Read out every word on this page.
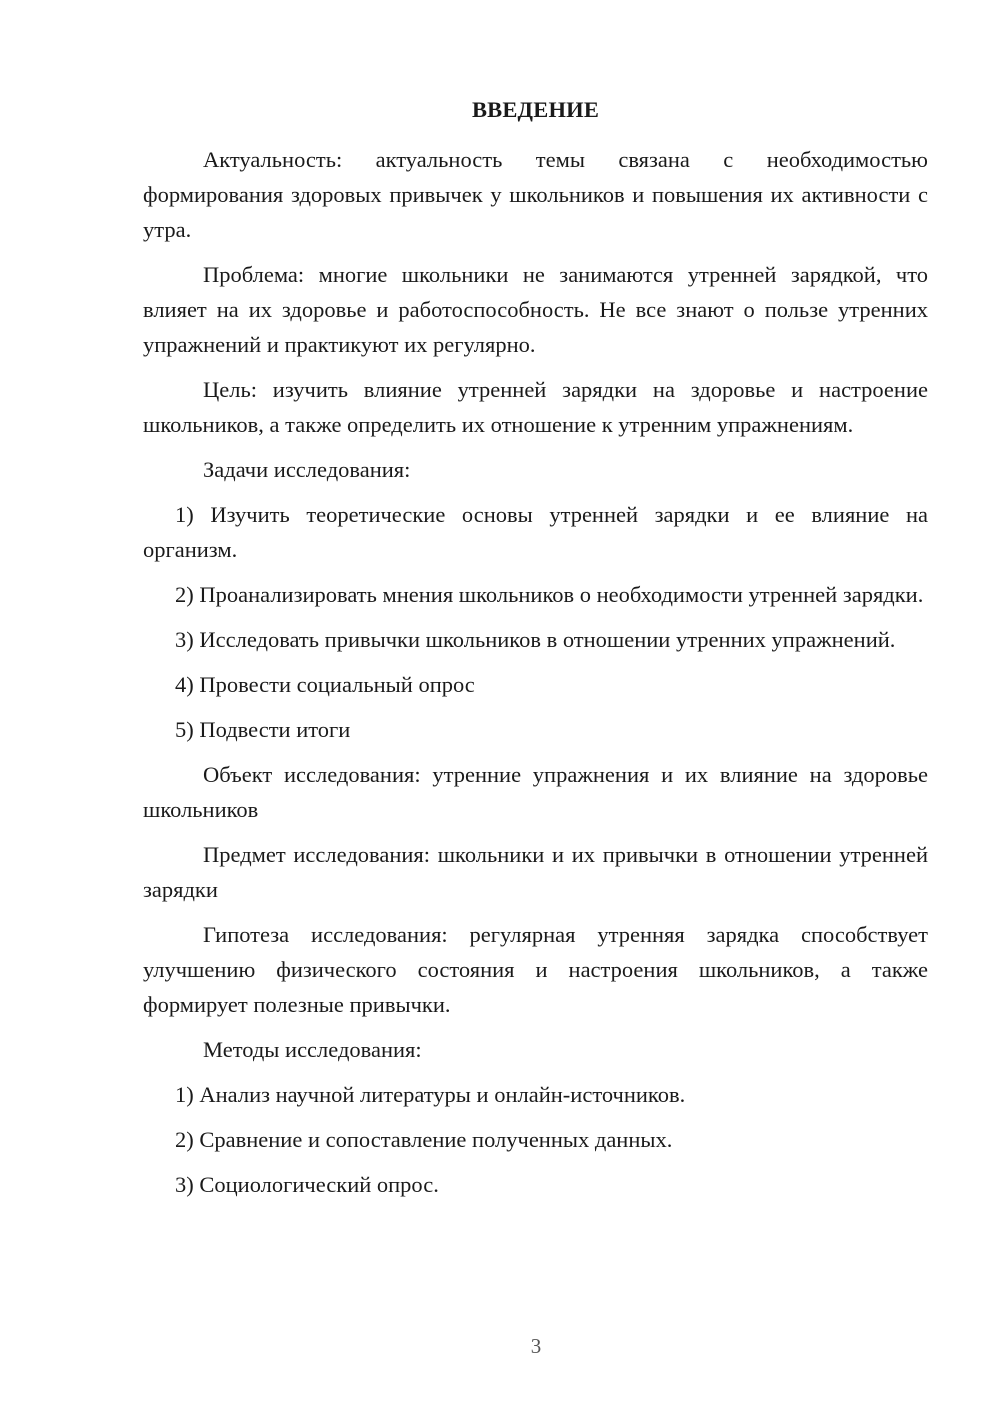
ВВЕДЕНИЕ

Актуальность: актуальность темы связана с необходимостью формирования здоровых привычек у школьников и повышения их активности с утра.

Проблема: многие школьники не занимаются утренней зарядкой, что влияет на их здоровье и работоспособность. Не все знают о пользе утренних упражнений и практикуют их регулярно.

Цель: изучить влияние утренней зарядки на здоровье и настроение школьников, а также определить их отношение к утренним упражнениям.

Задачи исследования:

1) Изучить теоретические основы утренней зарядки и ее влияние на организм.

2) Проанализировать мнения школьников о необходимости утренней зарядки.

3) Исследовать привычки школьников в отношении утренних упражнений.

4) Провести социальный опрос

5) Подвести итоги

Объект исследования: утренние упражнения и их влияние на здоровье школьников

Предмет исследования: школьники и их привычки в отношении утренней зарядки

Гипотеза исследования: регулярная утренняя зарядка способствует улучшению физического состояния и настроения школьников, а также формирует полезные привычки.

Методы исследования:

1) Анализ научной литературы и онлайн-источников.

2) Сравнение и сопоставление полученных данных.

3) Социологический опрос.

3
